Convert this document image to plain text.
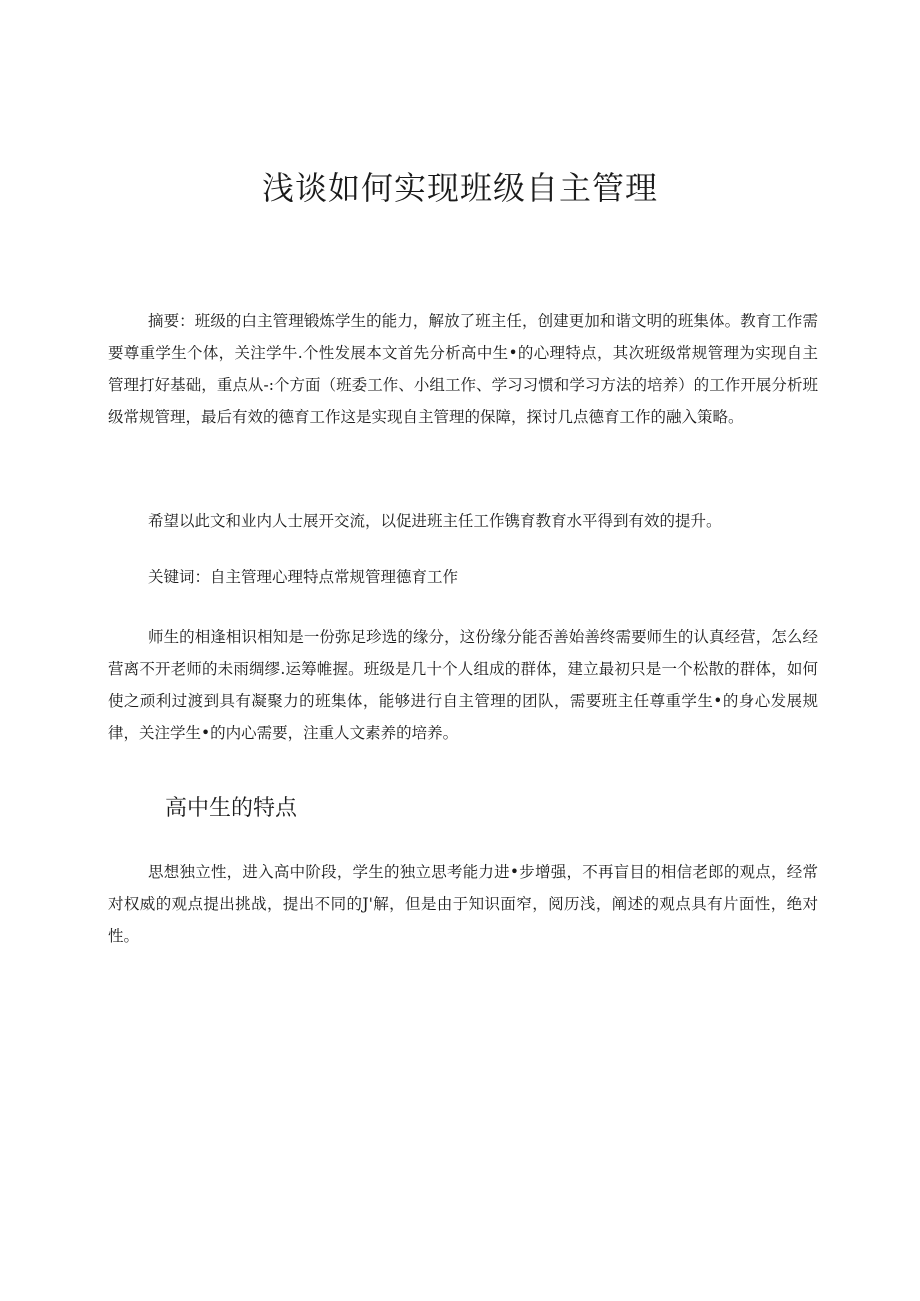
浅谈如何实现班级自主管理

摘要：班级的白主管理锻炼学生的能力，解放了班主任，创建更加和谐文明的班集体。教育工作需要尊重学生个体，关注学牛.个性发展本文首先分析高中生•的心理特点，其次班级常规管理为实现自主管理打好基础，重点从-:个方面（班委工作、小组工作、学习习惯和学习方法的培养）的工作开展分析班级常规管理，最后有效的德育工作这是实现自主管理的保障，探讨几点德育工作的融入策略。

希望以此文和业内人士展开交流，以促进班主任工作镌育教育水平得到有效的提升。

关键词：自主管理心理特点常规管理德育工作

师生的相逢相识相知是一份弥足珍选的缘分，这份缘分能否善始善终需要师生的认真经营，怎么经营离不开老师的未雨绸缪.运筹帷握。班级是几十个人组成的群体，建立最初只是一个松散的群体，如何使之顽利过渡到具有凝聚力的班集体，能够进行自主管理的团队，需要班主任尊重学生•的身心发展规律，关注学生•的内心需要，注重人文素养的培养。

高中生的特点

思想独立性，进入高中阶段，学生的独立思考能力进•步增强，不再盲目的相信老郎的观点，经常对权威的观点提出挑战，提出不同的J'解，但是由于知识面窄，阅历浅，阐述的观点具有片面性，绝对性。
